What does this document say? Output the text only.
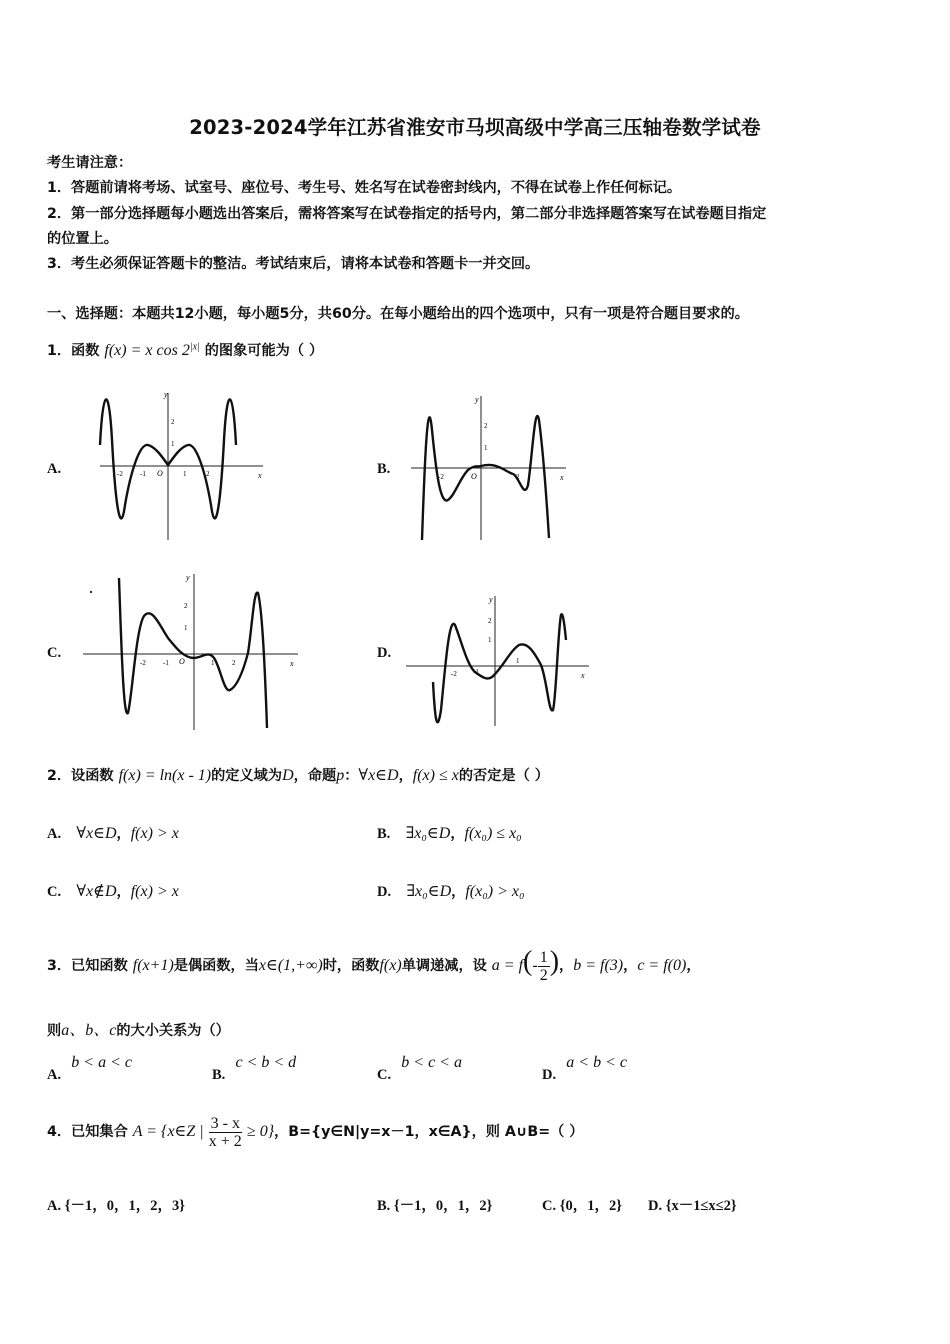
2023-2024学年江苏省淮安市马坝高级中学高三压轴卷数学试卷
考生请注意：
1．答题前请将考场、试室号、座位号、考生号、姓名写在试卷密封线内，不得在试卷上作任何标记。
2．第一部分选择题每小题选出答案后，需将答案写在试卷指定的括号内，第二部分非选择题答案写在试卷题目指定
的位置上。
3．考生必须保证答题卡的整洁。考试结束后，请将本试卷和答题卡一并交回。
一、选择题：本题共12小题，每小题5分，共60分。在每小题给出的四个选项中，只有一项是符合题目要求的。
1．函数 f(x) = x $\cos 2^{|x|}$ 的图象可能为（ ）
A.	B.
C.	D.
y
x
O
-2 -1	1	2
1
2
y
x
O
-2	2
1
2
y
x
O
-2 -1	1	2
1
2
y
x
-2 -1
1
1
2
2．设函数 f(x) = ln(x - 1)的定义域为D，命题p：∀x∈D，f(x) ≤ x的否定是（ ）
A. ∀x∈D，f(x) > x	B. ∃x₀∈D，f(x₀) ≤ x₀
C. ∀x∉D，f(x) > x	D. ∃x₀∈D，f(x₀) > x₀
3．已知函数 f(x+1)是偶函数，当x∈(1,+∞)时，函数f(x)单调递减，设 $a = f(- \frac{1}{2}$ )，b = f(3)，c = f(0)，
则a、b、c的大小关系为（）
A.  b < a < c
B.  c < b < d
C.  b < c < a
D.  a < b < c
4．已知集合 A = {x∈Z | $\frac{3 - x}{x + 2} \ge 0$}，B={y∈N|y=x－1，x∈A}，则 A∪B=（ ）
A. {－1，0，1，2，3}	B. {－1，0，1，2}	C. {0，1，2} D. {x－1≤x≤2}
